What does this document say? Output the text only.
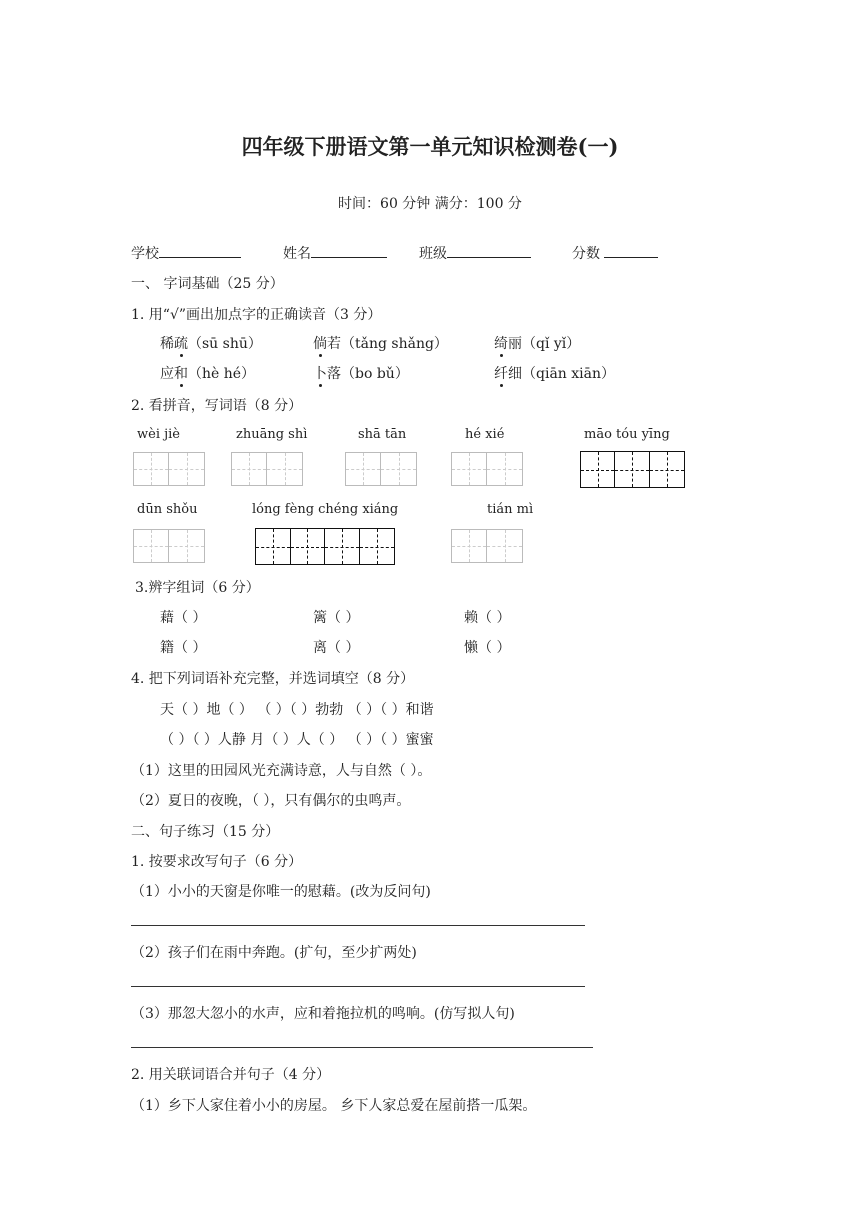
四年级下册语文第一单元知识检测卷(一)
时间：60 分钟 满分：100 分
学校	姓名	班级	分数
一、 字词基础（25 分）
1. 用“√”画出加点字的正确读音（3 分）
稀疏（sū shū）	倘若（tǎng shǎng）	绮丽（qǐ yǐ）
应和（hè hé）	卜落（bo bǔ）	纤细（qiān xiān）
2. 看拼音，写词语（8 分）
wèi jiè	zhuāng shì	shā tān	hé xié	māo tóu yīng
dūn shǒu	lóng fèng chéng xiáng	tián mì
3.辨字组词（6 分）
藉（ ）	篱（ ）	赖（ ）
籍（ ）	离（ ）	懒（ ）
4. 把下列词语补充完整，并选词填空（8 分）
天（ ）地（ ） （ ）（ ）勃勃 （ ）（ ）和谐
（ ）（ ）人静 月（ ）人（ ） （ ）（ ）蜜蜜
（1）这里的田园风光充满诗意，人与自然（ ）。
（2）夏日的夜晚，（ ），只有偶尔的虫鸣声。
二、句子练习（15 分）
1. 按要求改写句子（6 分）
（1）小小的天窗是你唯一的慰藉。(改为反问句)
（2）孩子们在雨中奔跑。(扩句，至少扩两处)
（3）那忽大忽小的水声，应和着拖拉机的鸣响。(仿写拟人句)
2. 用关联词语合并句子（4 分）
（1）乡下人家住着小小的房屋。 乡下人家总爱在屋前搭一瓜架。
